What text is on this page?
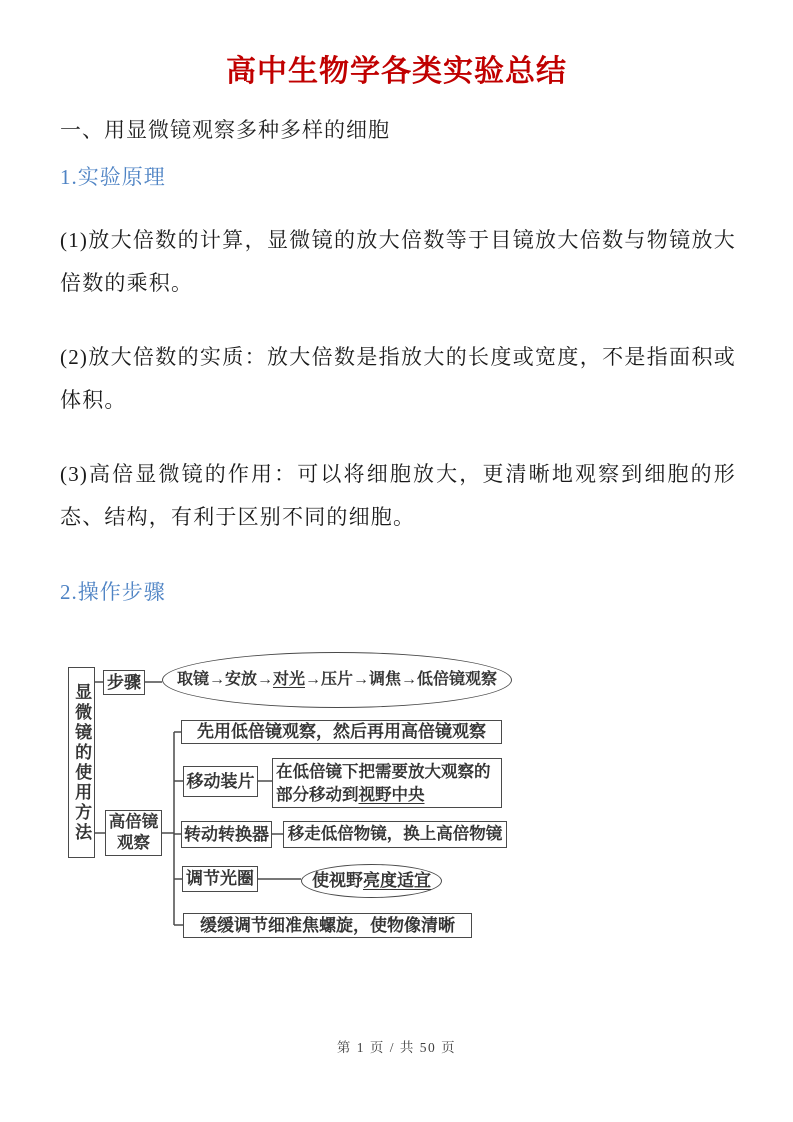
高中生物学各类实验总结
一、用显微镜观察多种多样的细胞
1.实验原理

(1)放大倍数的计算，显微镜的放大倍数等于目镜放大倍数与物镜放大倍数的乘积。

(2)放大倍数的实质：放大倍数是指放大的长度或宽度，不是指面积或体积。

(3)高倍显微镜的作用：可以将细胞放大，更清晰地观察到细胞的形态、结构，有利于区别不同的细胞。

2.操作步骤
显微镜的使用方法
步骤 取镜→安放→对光→压片→调焦→低倍镜观察
高倍镜观察
先用低倍镜观察，然后再用高倍镜观察
移动装片
在低倍镜下把需要放大观察的部分移动到视野中央
转动转换器 移走低倍物镜，换上高倍物镜
调节光圈	使视野亮度适宜
缓缓调节细准焦螺旋，使物像清晰
第 1 页 / 共 50 页
